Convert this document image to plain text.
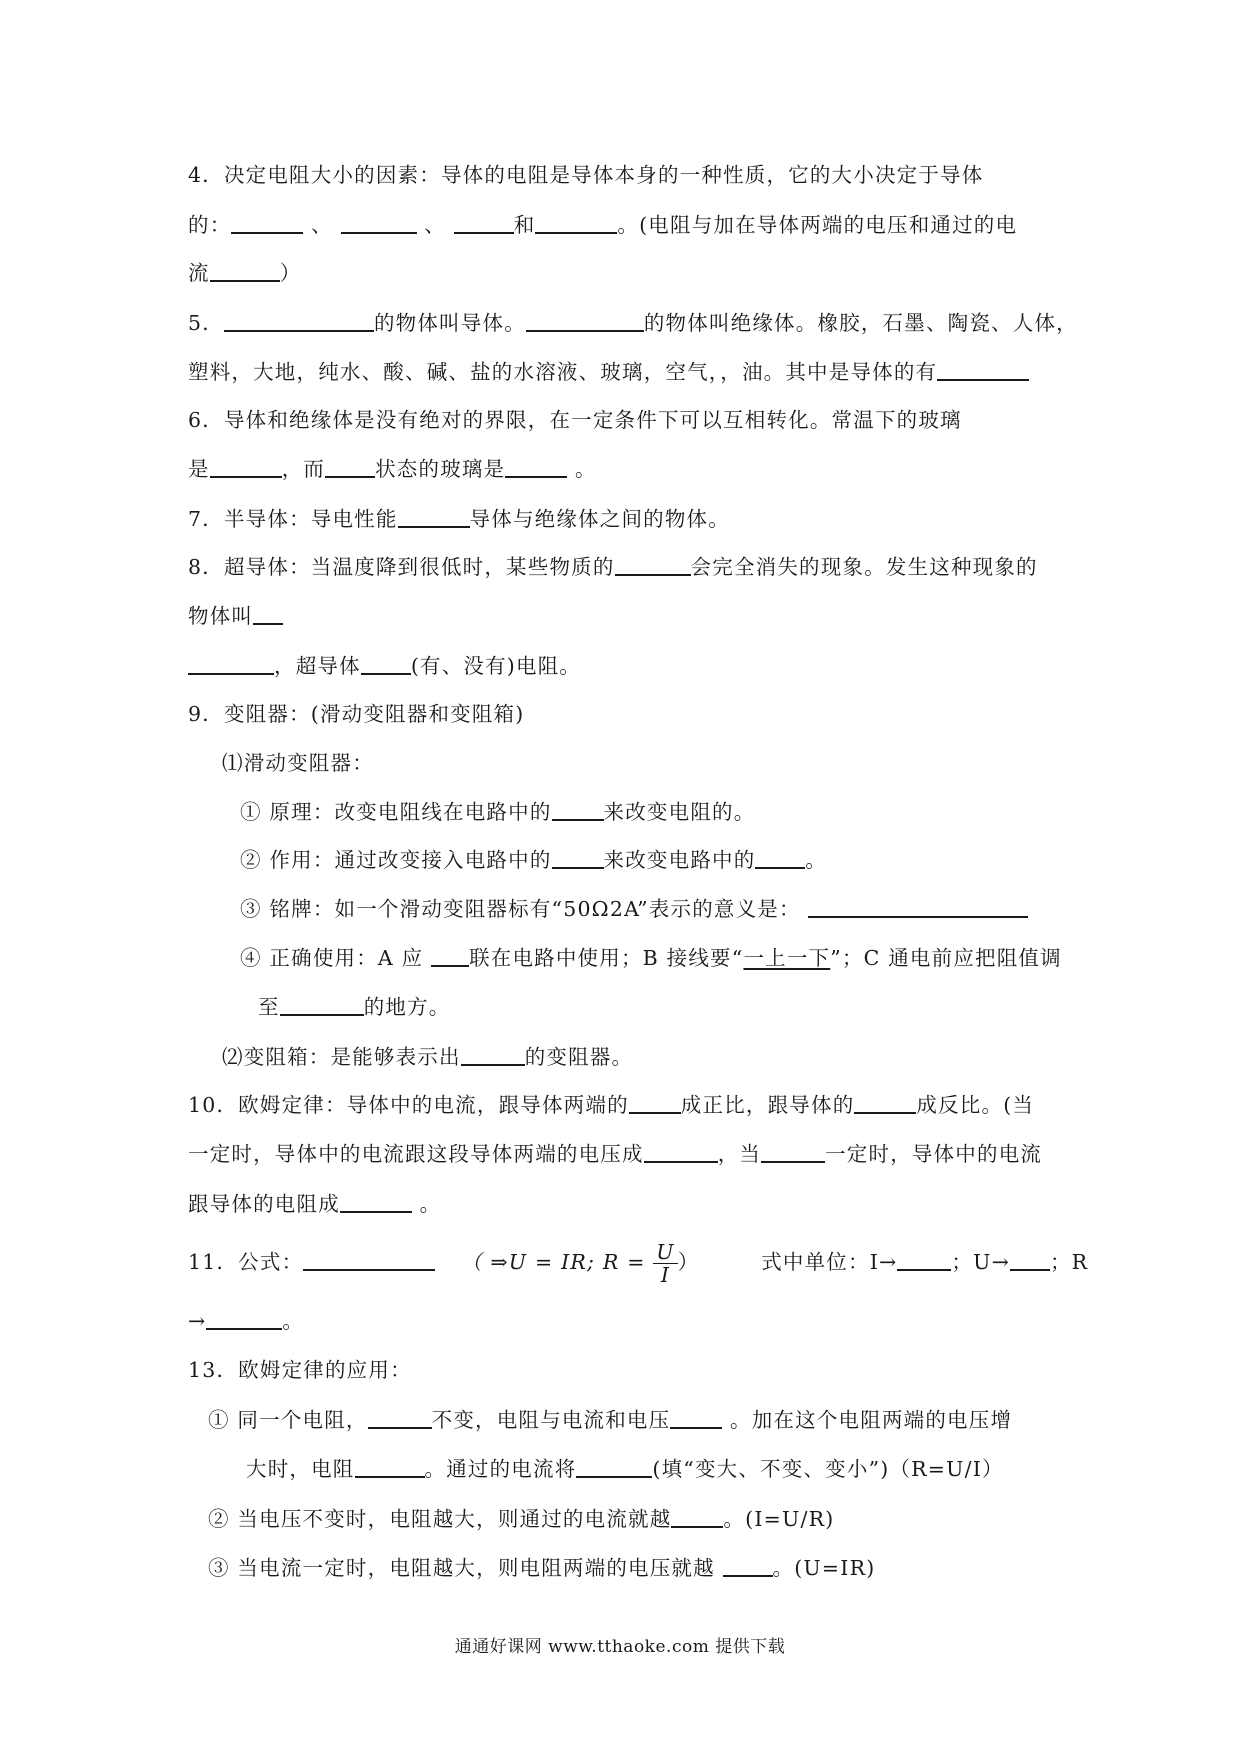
4．决定电阻大小的因素：导体的电阻是导体本身的一种性质，它的大小决定于导体
的：	、	、	和	。(电阻与加在导体两端的电压和通过的电
流	）
5．	的物体叫导体。	的物体叫绝缘体。橡胶，石墨、陶瓷、人体，
塑料，大地，纯水、酸、碱、盐的水溶液、玻璃，空气，，油。其中是导体的有
6．导体和绝缘体是没有绝对的界限，在一定条件下可以互相转化。常温下的玻璃
是	，而 状态的玻璃是	。
7．半导体：导电性能	导体与绝缘体之间的物体。
8．超导体：当温度降到很低时，某些物质的	会完全消失的现象。发生这种现象的
物体叫
，超导体 (有、没有)电阻。
9．变阻器：(滑动变阻器和变阻箱)
⑴滑动变阻器：
① 原理：改变电阻线在电路中的	来改变电阻的。
② 作用：通过改变接入电路中的	来改变电路中的 。
③ 铭牌：如一个滑动变阻器标有“50Ω2A”表示的意义是：
④ 正确使用：A 应 联在电路中使用；B 接线要“一上一下”；C 通电前应把阻值调
至	的地方。
⑵变阻箱：是能够表示出	的变阻器。
10．欧姆定律：导体中的电流，跟导体两端的	成正比，跟导体的	成反比。(当
一定时，导体中的电流跟这段导体两端的电压成	，当	一定时，导体中的电流
跟导体的电阻成	。
11．公式：	（ ⇒U = IR; $R = \frac{U}{I}$ ）	式中单位：I→	；U→ ；R
→	。
13．欧姆定律的应用：
① 同一个电阻，	不变，电阻与电流和电压	。加在这个电阻两端的电压增
大时，电阻	。通过的电流将	(填“变大、不变、变小”)（R=U/I）
② 当电压不变时，电阻越大，则通过的电流就越	。(I=U/R)
③ 当电流一定时，电阻越大，则电阻两端的电压就越 。(U=IR)
通通好课网 www.tthaoke.com 提供下载
